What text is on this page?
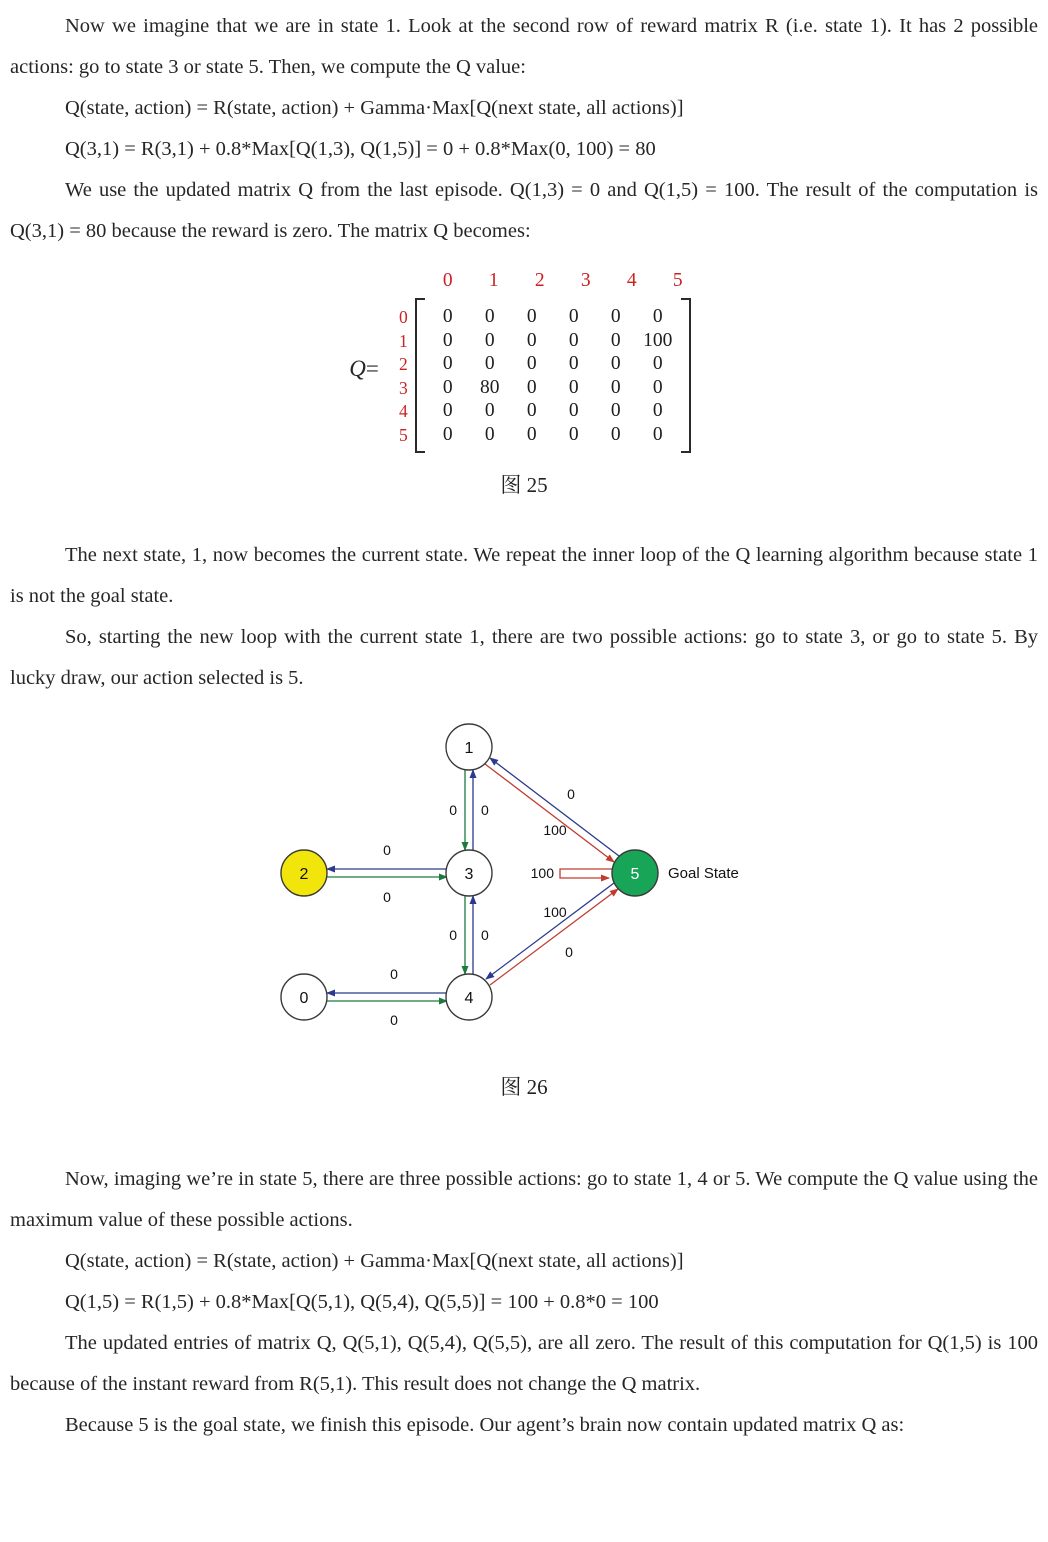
Now we imagine that we are in state 1. Look at the second row of reward matrix R (i.e. state 1). It has 2 possible actions: go to state 3 or state 5. Then, we compute the Q value:

Q(state, action) = R(state, action) + Gamma·Max[Q(next state, all actions)]

Q(3,1) = R(3,1) + 0.8*Max[Q(1,3), Q(1,5)] = 0 + 0.8*Max(0, 100) = 80

We use the updated matrix Q from the last episode. Q(1,3) = 0 and Q(1,5) = 100. The result of the computation is Q(3,1) = 80 because the reward is zero. The matrix Q becomes:

Q=
0
1
2
3
4
5
0 1 2 3 4 5
0 0 0 0 0 0
0 0 0 0 0 100
0 0 0 0 0 0
0 80 0 0 0 0
0 0 0 0 0 0
0 0 0 0 0 0
图 25

The next state, 1, now becomes the current state. We repeat the inner loop of the Q learning algorithm because state 1 is not the goal state.

So, starting the new loop with the current state 1, there are two possible actions: go to state 3, or go to state 5. By lucky draw, our action selected is 5.

0 0
0
0
0
100
100
100
0
0 0
0
0
1
2	3	5
0	4
Goal State
图 26

Now, imaging we’re in state 5, there are three possible actions: go to state 1, 4 or 5. We compute the Q value using the maximum value of these possible actions.

Q(state, action) = R(state, action) + Gamma·Max[Q(next state, all actions)]

Q(1,5) = R(1,5) + 0.8*Max[Q(5,1), Q(5,4), Q(5,5)] = 100 + 0.8*0 = 100

The updated entries of matrix Q, Q(5,1), Q(5,4), Q(5,5), are all zero. The result of this computation for Q(1,5) is 100 because of the instant reward from R(5,1). This result does not change the Q matrix.

Because 5 is the goal state, we finish this episode. Our agent’s brain now contain updated matrix Q as:
